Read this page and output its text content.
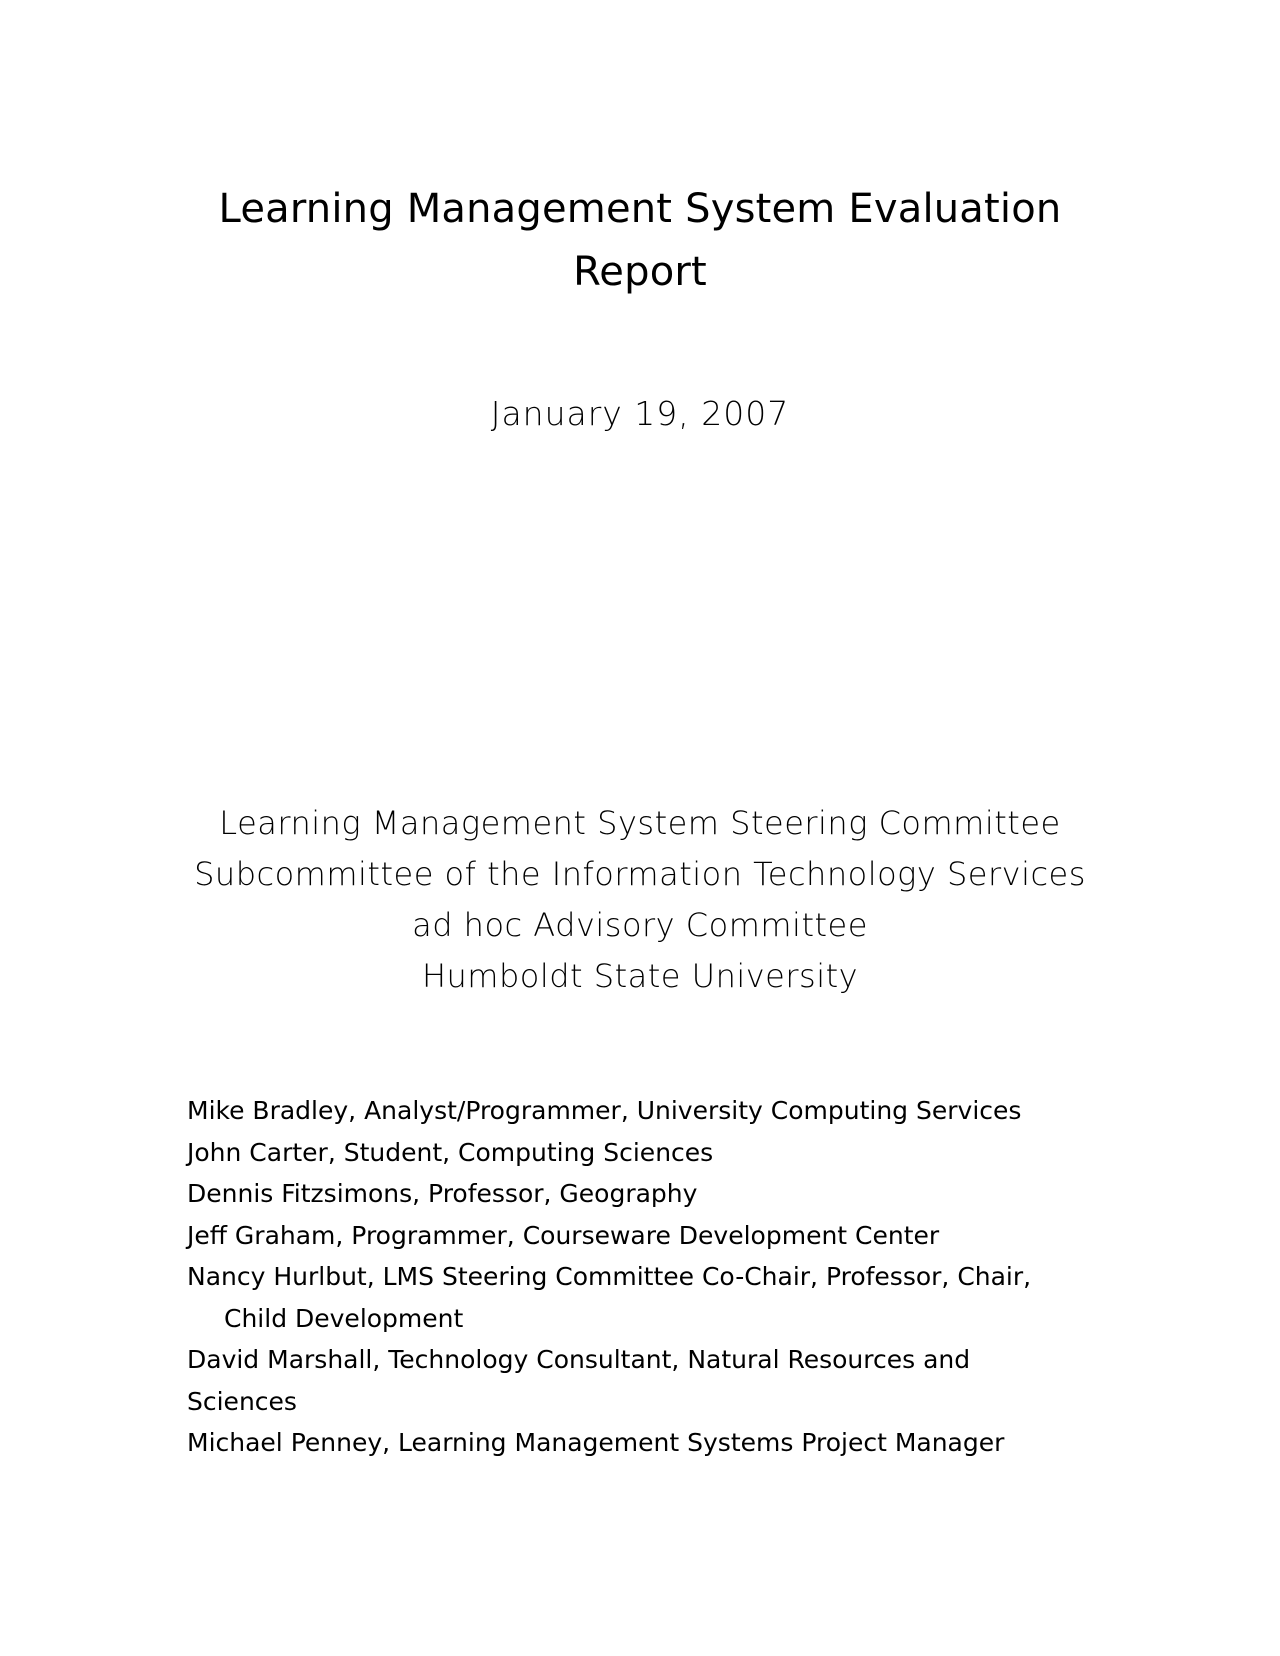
Learning Management System Evaluation
Report

January 19, 2007

Learning Management System Steering Committee
Subcommittee of the Information Technology Services
ad hoc Advisory Committee
Humboldt State University
Mike Bradley, Analyst/Programmer, University Computing Services
John Carter, Student, Computing Sciences
Dennis Fitzsimons, Professor, Geography
Jeff Graham, Programmer, Courseware Development Center
Nancy Hurlbut, LMS Steering Committee Co-Chair, Professor, Chair,
Child Development
David Marshall, Technology Consultant, Natural Resources and
Sciences
Michael Penney, Learning Management Systems Project Manager
